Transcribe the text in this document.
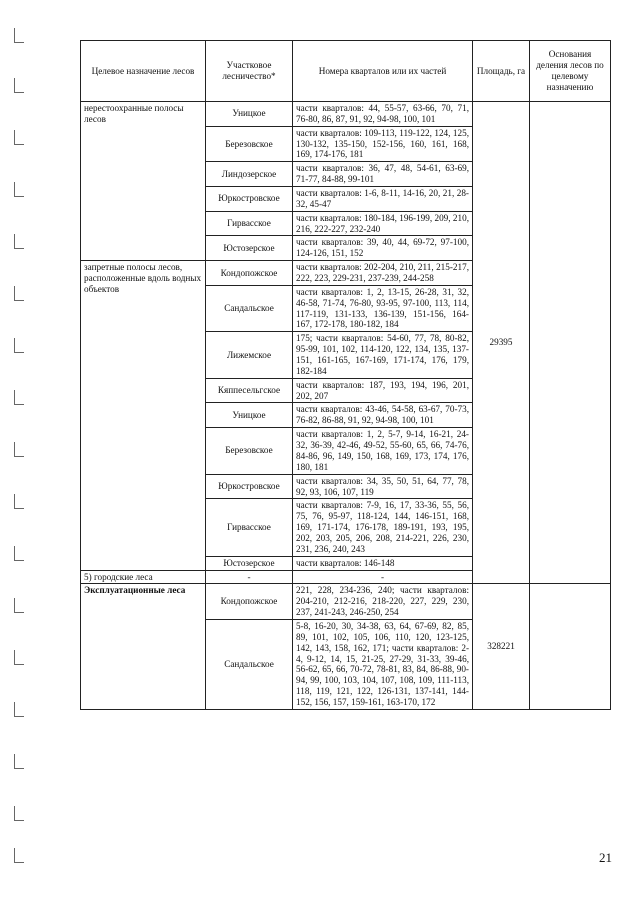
Целевое назначение лесов	Участковое лесничество*	Номера кварталов или их частей	Площадь, га	Основания деления лесов по целевому назначению	
нерестоохранные полосы лесов	Уницкое	части кварталов: 44, 55-57, 63-66, 70, 71, 76-80, 86, 87, 91, 92, 94-98, 100, 101	29395		
	Березовское	части кварталов: 109-113, 119-122, 124, 125, 130-132, 135-150, 152-156, 160, 161, 168, 169, 174-176, 181			
	Линдозерское	части кварталов: 36, 47, 48, 54-61, 63-69, 71-77, 84-88, 99-101			
	Юркостровское	части кварталов: 1-6, 8-11, 14-16, 20, 21, 28-32, 45-47			
	Гирвасское	части кварталов: 180-184, 196-199, 209, 210, 216, 222-227, 232-240			
	Юстозерское	части кварталов: 39, 40, 44, 69-72, 97-100, 124-126, 151, 152			
запретные полосы лесов, расположенные вдоль водных объектов	Кондопожское	части кварталов: 202-204, 210, 211, 215-217, 222, 223, 229-231, 237-239, 244-258			
	Сандальское	части кварталов: 1, 2, 13-15, 26-28, 31, 32, 46-58, 71-74, 76-80, 93-95, 97-100, 113, 114, 117-119, 131-133, 136-139, 151-156, 164-167, 172-178, 180-182, 184			
	Лижемское	175; части кварталов: 54-60, 77, 78, 80-82, 95-99, 101, 102, 114-120, 122, 134, 135, 137-151, 161-165, 167-169, 171-174, 176, 179, 182-184			
	Кяппесельгское	части кварталов: 187, 193, 194, 196, 201, 202, 207			
	Уницкое	части кварталов: 43-46, 54-58, 63-67, 70-73, 76-82, 86-88, 91, 92, 94-98, 100, 101			
	Березовское	части кварталов: 1, 2, 5-7, 9-14, 16-21, 24-32, 36-39, 42-46, 49-52, 55-60, 65, 66, 74-76, 84-86, 96, 149, 150, 168, 169, 173, 174, 176, 180, 181			
	Юркостровское	части кварталов: 34, 35, 50, 51, 64, 77, 78, 92, 93, 106, 107, 119			
	Гирвасское	части кварталов: 7-9, 16, 17, 33-36, 55, 56, 75, 76, 95-97, 118-124, 144, 146-151, 168, 169, 171-174, 176-178, 189-191, 193, 195, 202, 203, 205, 206, 208, 214-221, 226, 230, 231, 236, 240, 243			
	Юстозерское	части кварталов: 146-148			
5) городские леса	-	-		
Эксплуатационные леса	Кондопожское	221, 228, 234-236, 240; части кварталов: 204-210, 212-216, 218-220, 227, 229, 230, 237, 241-243, 246-250, 254	328221		
	Сандальское	5-8, 16-20, 30, 34-38, 63, 64, 67-69, 82, 85, 89, 101, 102, 105, 106, 110, 120, 123-125, 142, 143, 158, 162, 171; части кварталов: 2-4, 9-12, 14, 15, 21-25, 27-29, 31-33, 39-46, 56-62, 65, 66, 70-72, 78-81, 83, 84, 86-88, 90-94, 99, 100, 103, 104, 107, 108, 109, 111-113, 118, 119, 121, 122, 126-131, 137-141, 144-152, 156, 157, 159-161, 163-170, 172			
21
